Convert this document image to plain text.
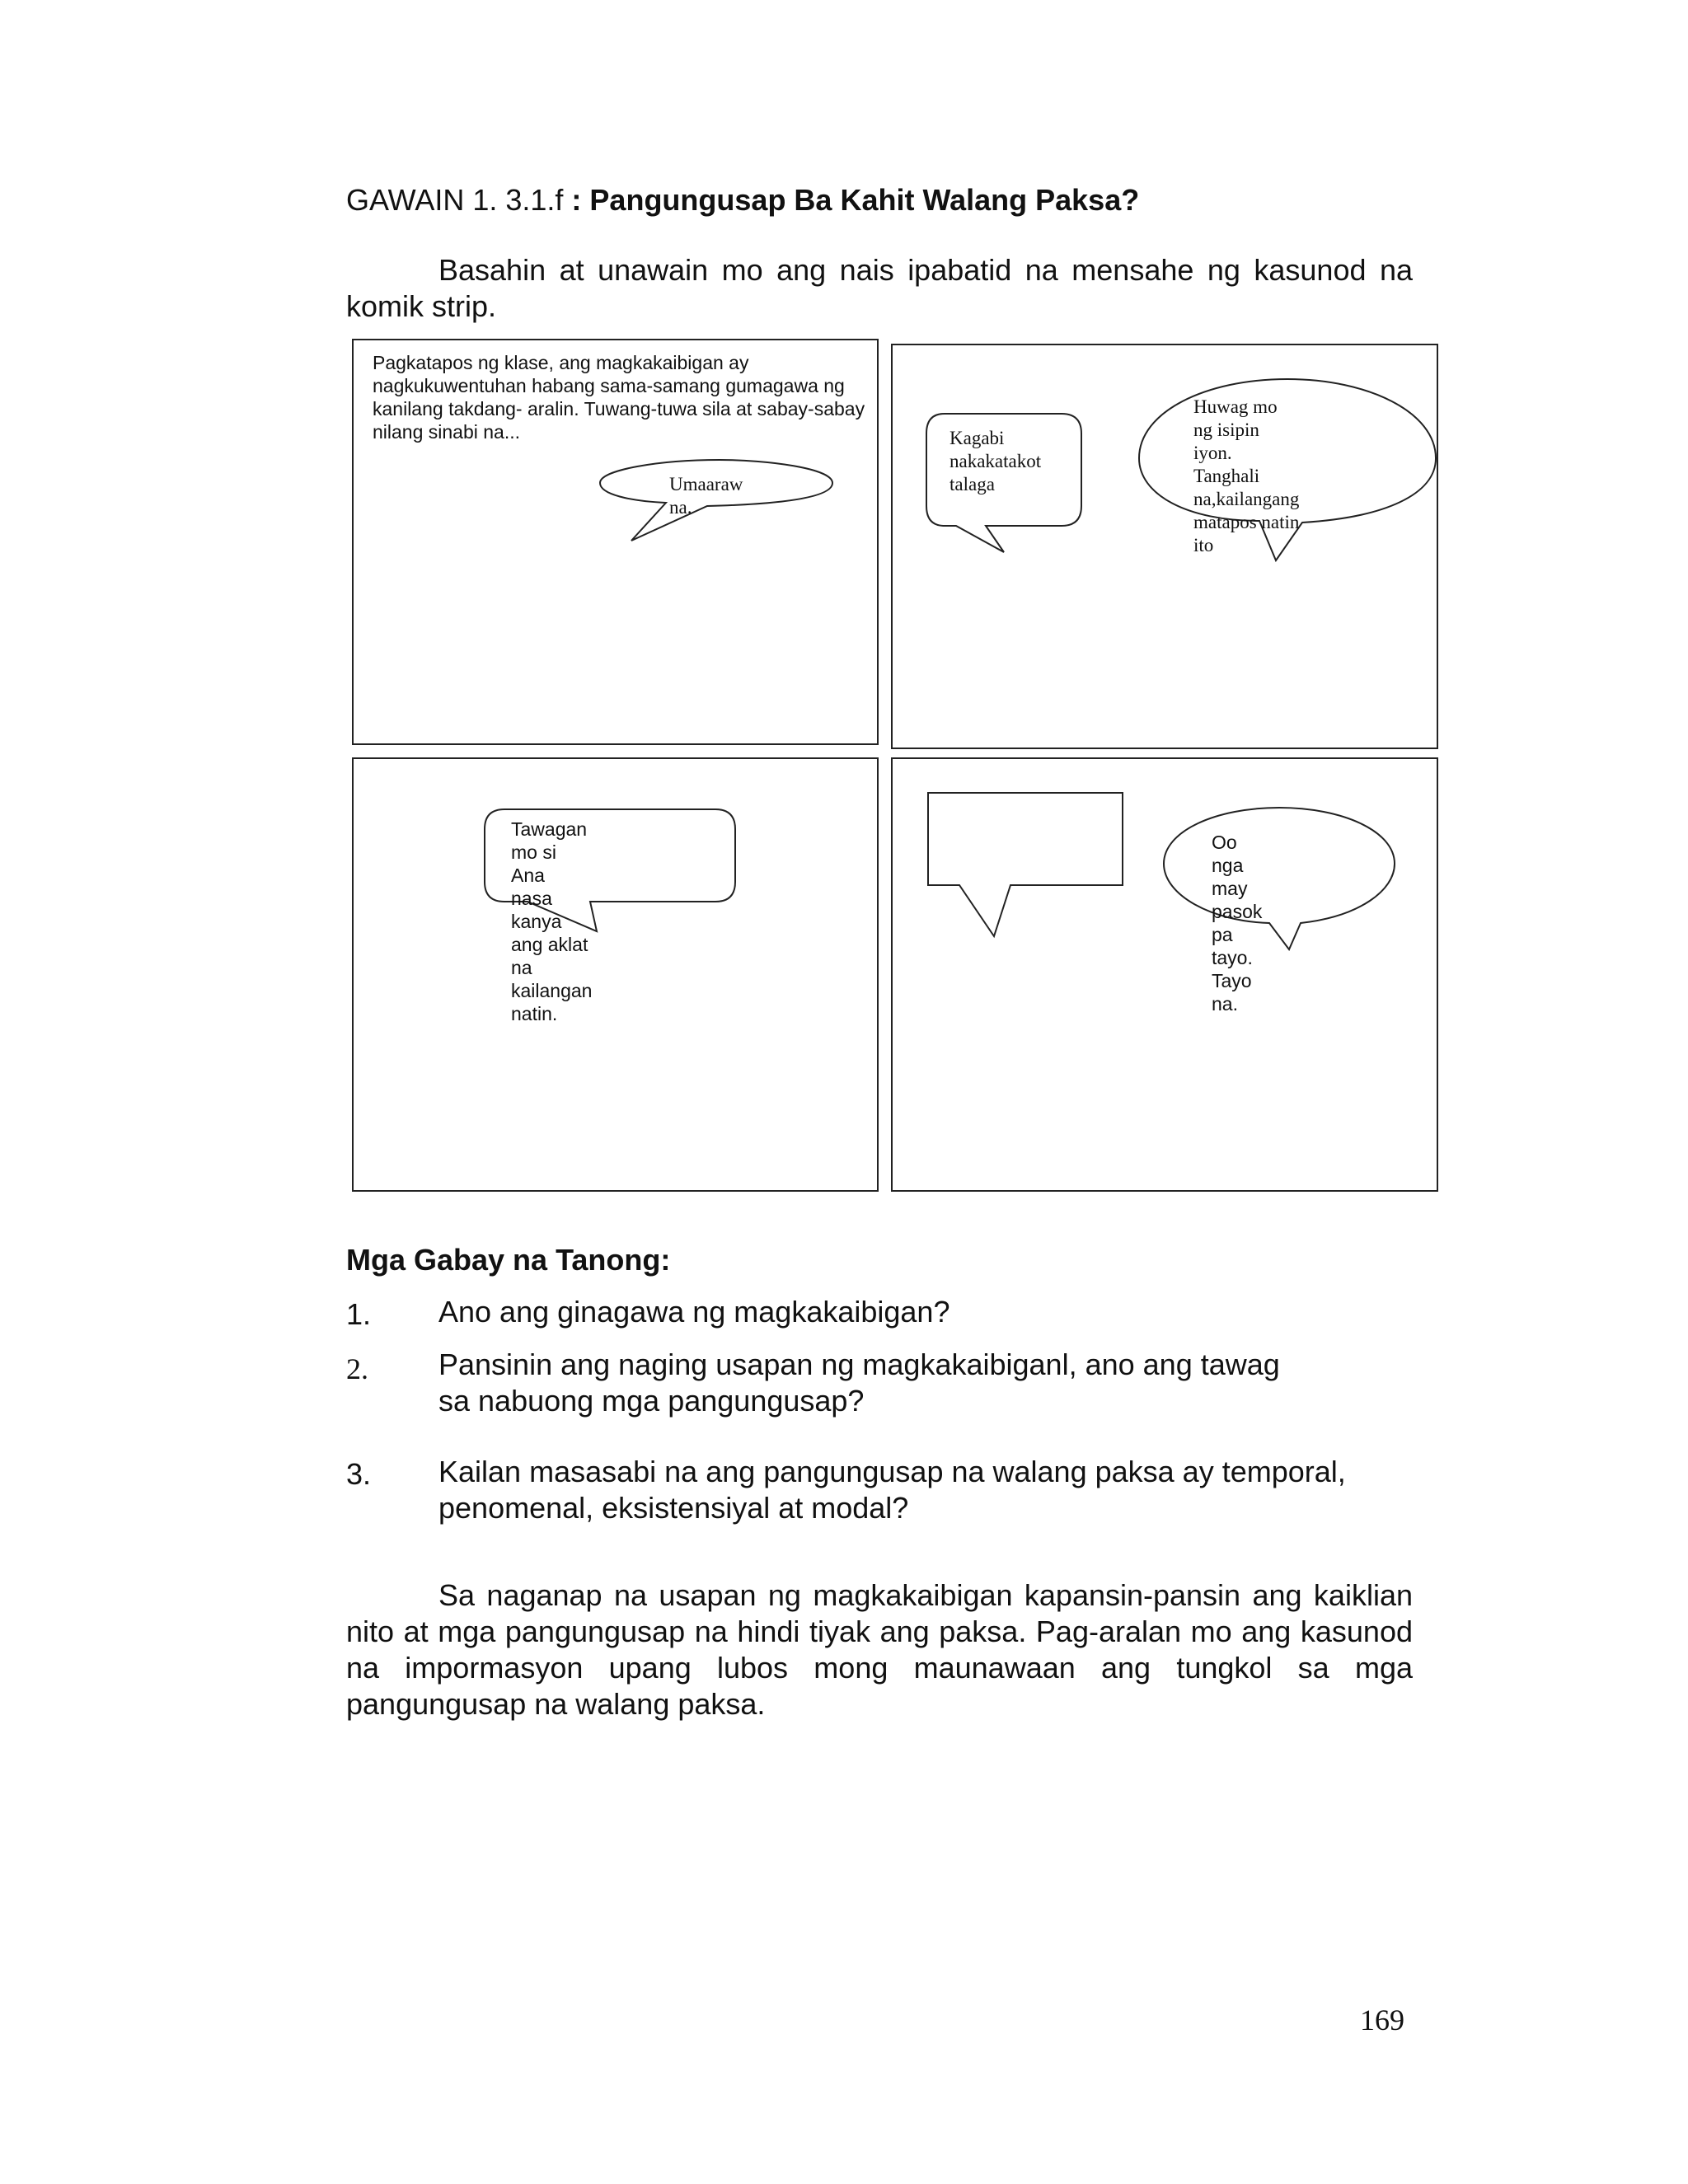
GAWAIN 1. 3.1.f : Pangungusap Ba Kahit Walang Paksa?
Basahin at unawain mo ang nais ipabatid na mensahe ng kasunod na komik strip.
Pagkatapos ng klase, ang magkakaibigan ay nagkukuwentuhan habang sama-samang gumagawa ng kanilang takdang- aralin. Tuwang-tuwa sila at sabay-sabay nilang sinabi na...
Umaaraw na.
Kagabi
nakakatakot
talaga
Huwag mo ng isipin
iyon. Tanghali
na,kailangang
matapos natin ito
Tawagan mo si Ana
nasa kanya ang aklat
na kailangan natin.
Oo nga may
pasok pa tayo.
Tayo na.
Mga Gabay na Tanong:
1. Ano ang ginagawa ng magkakaibigan?
2. Pansinin ang naging usapan ng magkakaibiganl, ano ang tawag
sa nabuong mga pangungusap?
3. Kailan masasabi na ang pangungusap na walang paksa ay temporal,
penomenal, eksistensiyal at modal?
Sa naganap na usapan ng magkakaibigan kapansin-pansin ang kaiklian nito at mga pangungusap na hindi tiyak ang paksa. Pag-aralan mo ang kasunod na impormasyon upang lubos mong maunawaan ang tungkol sa mga pangungusap na walang paksa.
169
